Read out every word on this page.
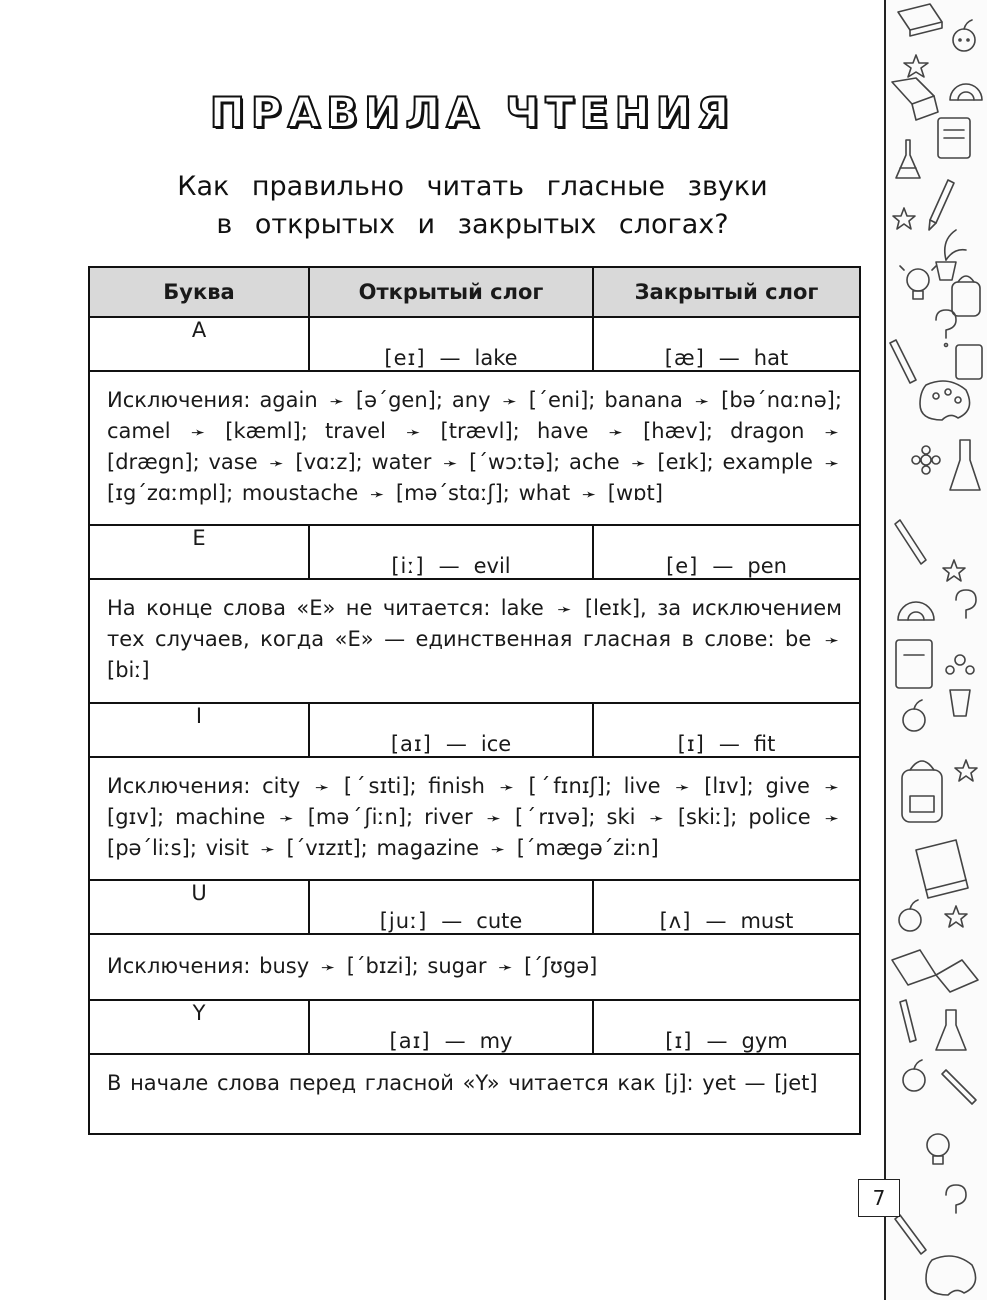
ПРАВИЛА ЧТЕНИЯ
Как правильно читать гласные звуки
в открытых и закрытых слогах?
Буква	Открытый слог	Закрытый слог
A	[eɪ] — lake	[æ] — hat
Исключения: again ➛ [əˊgen]; any ➛ [ˊeni]; banana ➛ [bəˊnɑːnə]; camel ➛ [kæml]; travel ➛ [trævl]; have ➛ [hæv]; dragon ➛ [drægn]; vase ➛ [vɑːz]; water ➛ [ˊwɔːtə]; ache ➛ [eɪk]; example ➛ [ɪgˊzɑːmpl]; moustache ➛ [məˊstɑːʃ]; what ➛ [wɒt]		
E	[iː] — evil	[e] — pen
На конце слова «Е» не читается: lake ➛ [leɪk], за исключением тех случаев, когда «Е» — единственная гласная в слове: be ➛ [biː]		
I	[aɪ] — ice	[ɪ] — fit
Исключения: city ➛ [ˊsɪti]; finish ➛ [ˊfɪnɪʃ]; live ➛ [lɪv]; give ➛ [gɪv]; machine ➛ [məˊʃiːn]; river ➛ [ˊrɪvə]; ski ➛ [skiː]; police ➛ [pəˊliːs]; visit ➛ [ˊvɪzɪt]; magazine ➛ [ˊmægəˊziːn]		
U	[juː] — cute	[ʌ] — must
Исключения: busy ➛ [ˊbɪzi]; sugar ➛ [ˊʃʊgə]		
Y	[aɪ] — my	[ɪ] — gym
В начале слова перед гласной «Y» читается как [j]: yet — [jet]		
7
